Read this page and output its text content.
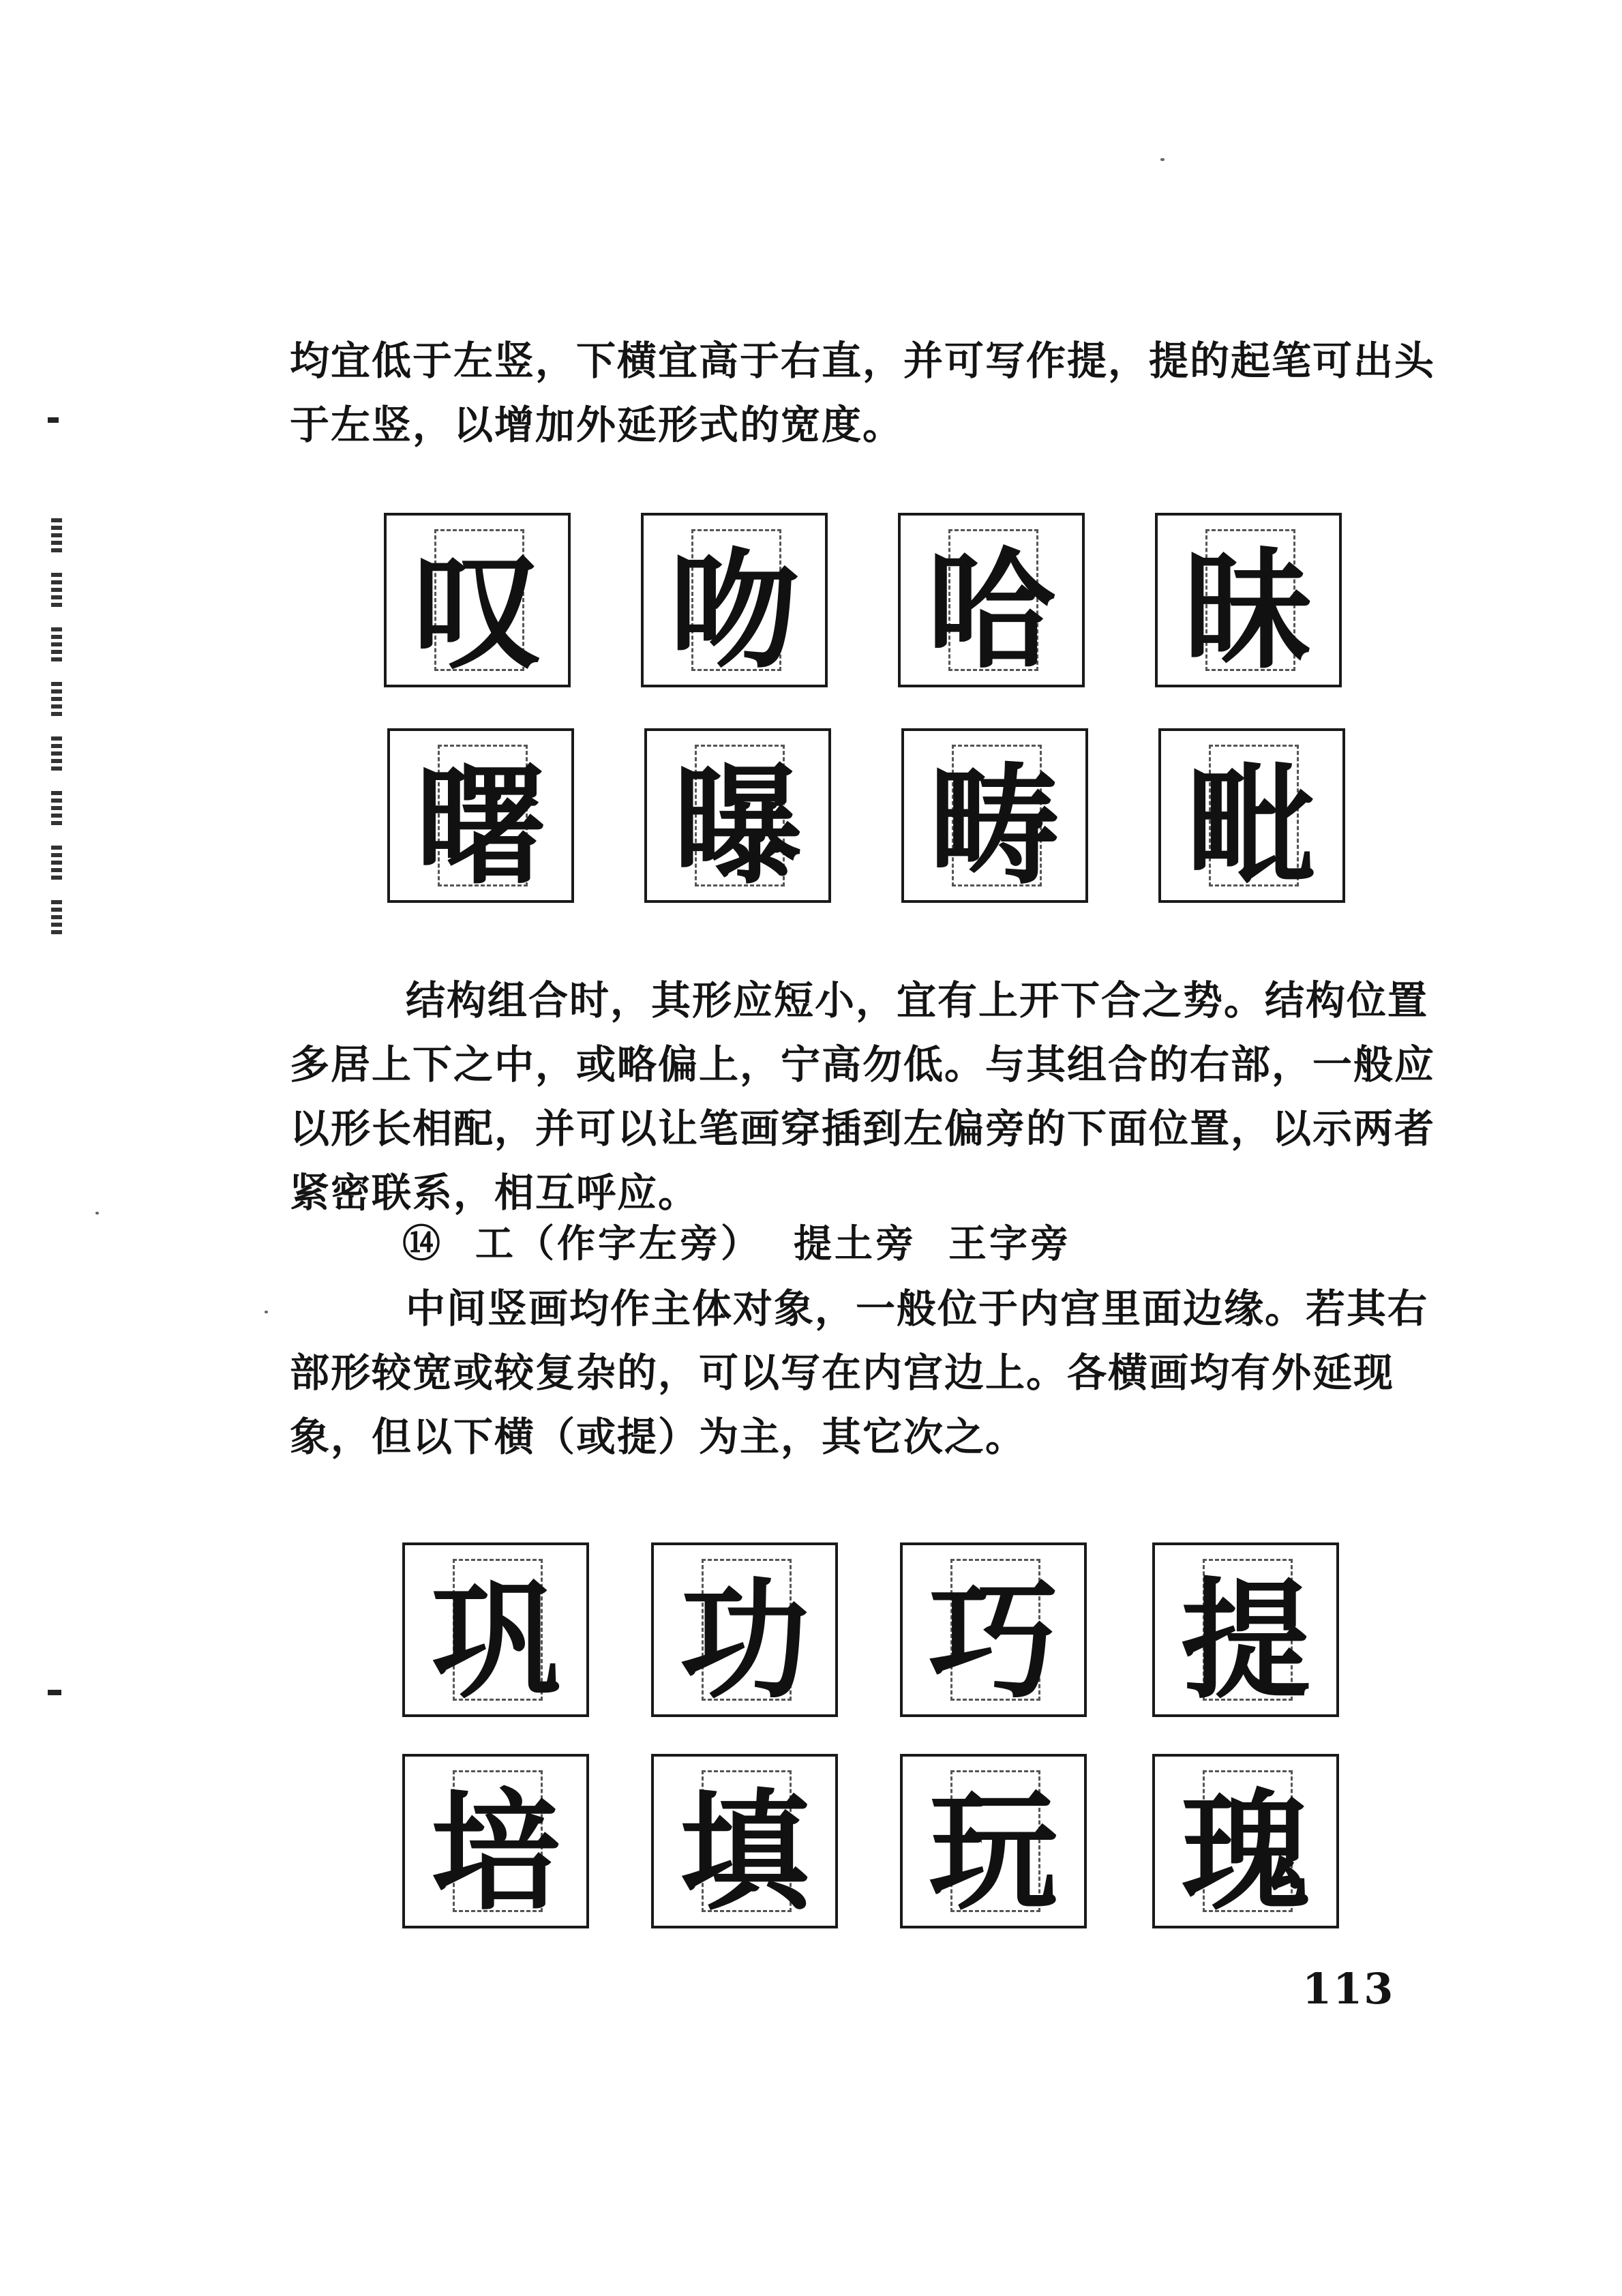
均宜低于左竖，下横宜高于右直，并可写作提，提的起笔可出头于左竖，以增加外延形式的宽度。

叹 吻 哈 昧
曙 曝 畴 毗

结构组合时，其形应短小，宜有上开下合之势。结构位置多居上下之中，或略偏上，宁高勿低。与其组合的右部，一般应以形长相配，并可以让笔画穿插到左偏旁的下面位置，以示两者紧密联系，相互呼应。

⑭  工（作字左旁）  提土旁  王字旁

中间竖画均作主体对象，一般位于内宫里面边缘。若其右部形较宽或较复杂的，可以写在内宫边上。各横画均有外延现象，但以下横（或提）为主，其它次之。

巩 功 巧 提
培 填 玩 瑰
113
